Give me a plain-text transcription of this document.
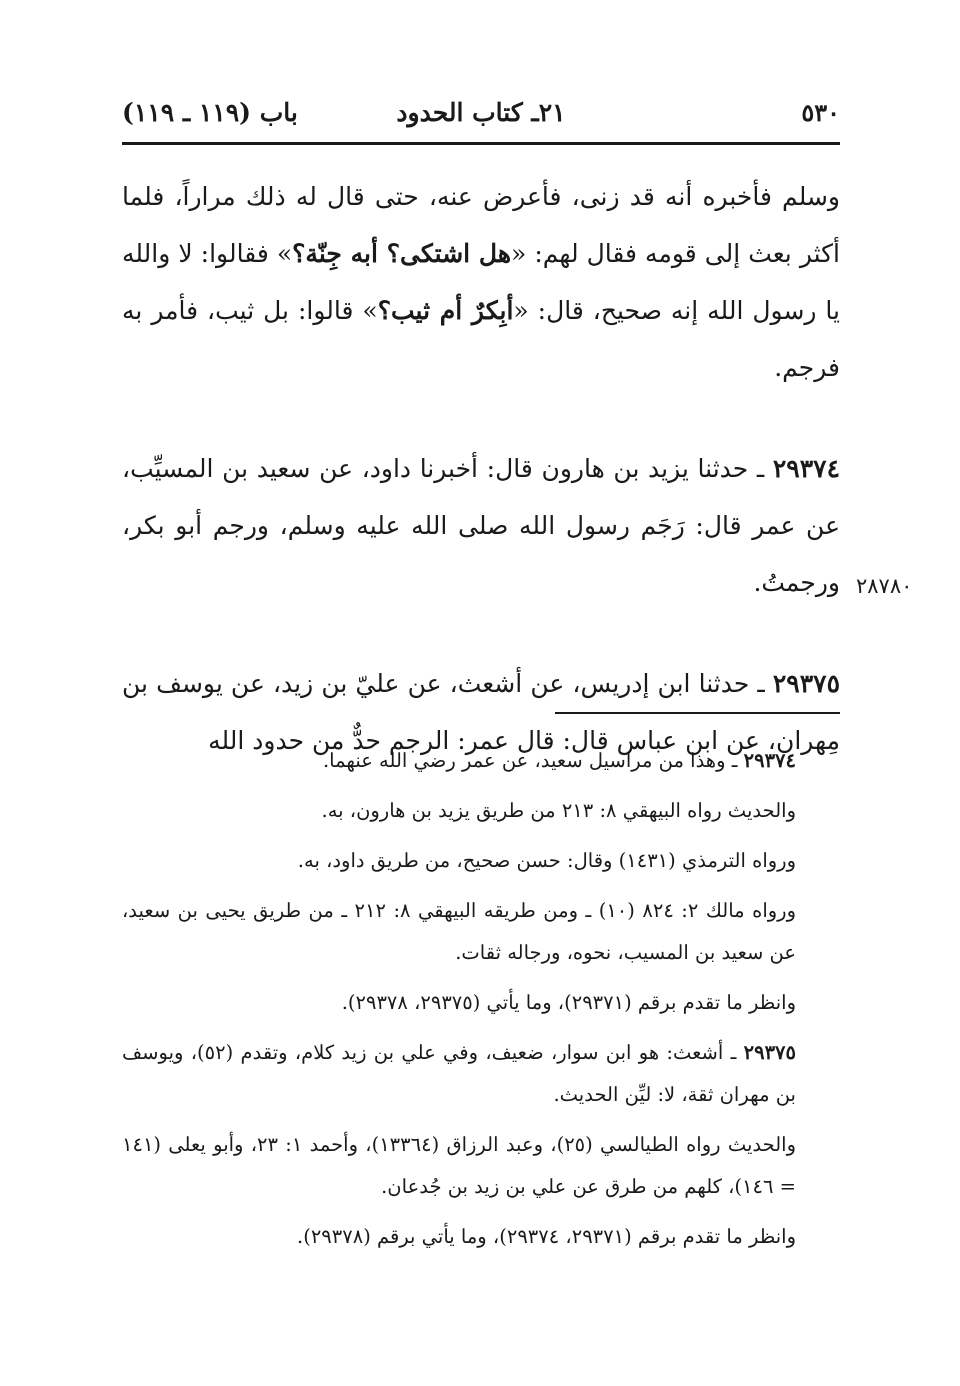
٥٣٠
٢١ـ كتاب الحدود
باب (١١٩ ـ ١١٩)

وسلم فأخبره أنه قد زنى، فأعرض عنه، حتى قال له ذلك مراراً، فلما أكثر بعث إلى قومه فقال لهم: «هل اشتكى؟ أبه جِنّة؟» فقالوا: لا والله يا رسول الله إنه صحيح، قال: «أبِكرٌ أم ثيب؟» قالوا: بل ثيب، فأمر به فرجم.

٢٩٣٧٤ ـ حدثنا يزيد بن هارون قال: أخبرنا داود، عن سعيد بن المسيِّب، عن عمر قال: رَجَم رسول الله صلى الله عليه وسلم، ورجم أبو بكر، ورجمتُ.

٢٩٣٧٥ ـ حدثنا ابن إدريس، عن أشعث، عن عليّ بن زيد، عن يوسف بن مِهران، عن ابن عباس قال: قال عمر: الرجم حدٌّ من حدود الله

٢٨٧٨٠

٢٩٣٧٤ ـ وهذا من مراسيل سعيد، عن عمر رضي الله عنهما.

والحديث رواه البيهقي ٨: ٢١٣ من طريق يزيد بن هارون، به.

ورواه الترمذي (١٤٣١) وقال: حسن صحيح، من طريق داود، به.

ورواه مالك ٢: ٨٢٤ (١٠) ـ ومن طريقه البيهقي ٨: ٢١٢ ـ من طريق يحيى بن سعيد، عن سعيد بن المسيب، نحوه، ورجاله ثقات.

وانظر ما تقدم برقم (٢٩٣٧١)، وما يأتي (٢٩٣٧٥، ٢٩٣٧٨).

٢٩٣٧٥ ـ أشعث: هو ابن سوار، ضعيف، وفي علي بن زيد كلام، وتقدم (٥٢)، ويوسف بن مهران ثقة، لا: ليِّن الحديث.

والحديث رواه الطيالسي (٢٥)، وعبد الرزاق (١٣٣٦٤)، وأحمد ١: ٢٣، وأبو يعلى (١٤١ = ١٤٦)، كلهم من طرق عن علي بن زيد بن جُدعان.

وانظر ما تقدم برقم (٢٩٣٧١، ٢٩٣٧٤)، وما يأتي برقم (٢٩٣٧٨).
